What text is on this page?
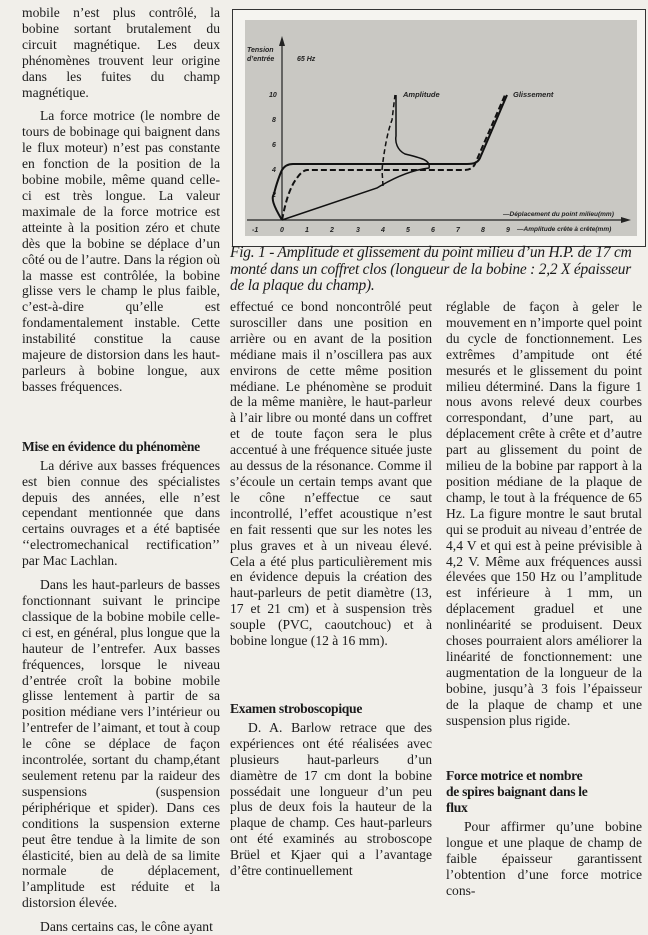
mobile n’est plus contrôlé, la bobine sortant brutalement du circuit magnétique. Les deux phénomènes trouvent leur origine dans les fuites du champ magnétique.

La force motrice (le nombre de tours de bobinage qui baignent dans le flux moteur) n’est pas constante en fonction de la position de la bobine mobile, même quand celle-ci est très longue. La valeur maximale de la force motrice est atteinte à la position zéro et chute dès que la bobine se déplace d’un côté ou de l’autre. Dans la région où la masse est contrôlée, la bobine glisse vers le champ le plus faible, c’est-à-dire qu’elle est fondamentalement instable. Cette instabilité constitue la cause majeure de distorsion dans les haut-parleurs à bobine longue, aux basses fréquences.

Mise en évidence du phénomène

La dérive aux basses fréquences est bien connue des spécialistes depuis des années, elle n’est cependant mentionnée que dans certains ouvrages et a été baptisée ‘‘electromechanical rectification’’ par Mac Lachlan.

Dans les haut-parleurs de basses fonctionnant suivant le principe classique de la bobine mobile celle-ci est, en général, plus longue que la hauteur de l’entrefer. Aux basses fréquences, lorsque le niveau d’entrée croît la bobine mobile glisse lentement à partir de sa position médiane vers l’intérieur ou l’entrefer de l’aimant, et tout à coup le cône se déplace de façon incontrolée, sortant du champ,étant seulement retenu par la raideur des suspensions (suspension périphérique et spider). Dans ces conditions la suspension externe peut être tendue à la limite de son élasticité, bien au delà de sa limite normale de déplacement, l’amplitude est réduite et la distorsion élevée.

Dans certains cas, le cône ayant

Tension
d’entrée	65 Hz
2
4
6
8
10
-1	0	1	2	3	4	5	6	7	8	9
Amplitude	Glissement
—Déplacement du point milieu(mm)
—Amplitude crête à crête(mm)
Fig. 1 - Amplitude et glissement du point milieu d’un H.P. de 17 cm monté dans un coffret clos (longueur de la bobine : 2,2 X épaisseur de la plaque du champ).

effectué ce bond noncontrôlé peut surosciller dans une position en arrière ou en avant de la position médiane mais il n’oscillera pas aux environs de cette même position médiane. Le phénomène se produit de la même manière, le haut-parleur à l’air libre ou monté dans un coffret et de toute façon sera le plus accentué à une fréquence située juste au dessus de la résonance. Comme il s’écoule un certain temps avant que le cône n’effectue ce saut incontrollé, l’effet acoustique n’est en fait ressenti que sur les notes les plus graves et à un niveau élevé. Cela a été plus particulièrement mis en évidence depuis la création des haut-parleurs de petit diamètre (13, 17 et 21 cm) et à suspension très souple (PVC, caoutchouc) et à bobine longue (12 à 16 mm).

Examen stroboscopique

D. A. Barlow retrace que des expériences ont été réalisées avec plusieurs haut-parleurs d’un diamètre de 17 cm dont la bobine possédait une longueur d’un peu plus de deux fois la hauteur de la plaque de champ. Ces haut-parleurs ont été examinés au stroboscope Brüel et Kjaer qui a l’avantage d’être continuellement

réglable de façon à geler le mouvement en n’importe quel point du cycle de fonctionnement. Les extrêmes d’ampitude ont été mesurés et le glissement du point milieu déterminé. Dans la figure 1 nous avons relevé deux courbes correspondant, d’une part, au déplacement crête à crête et d’autre part au glissement du point de milieu de la bobine par rapport à la position médiane de la plaque de champ, le tout à la fréquence de 65 Hz. La figure montre le saut brutal qui se produit au niveau d’entrée de 4,4 V et qui est à peine prévisible à 4,2 V. Même aux fréquences aussi élevées que 150 Hz ou l’amplitude est inférieure à 1 mm, un déplacement graduel et une nonlinéarité se produisent. Deux choses pourraient alors améliorer la linéarité de fonctionnement: une augmentation de la longueur de la bobine, jusqu’à 3 fois l’épaisseur de la plaque de champ et une suspension plus rigide.

Force motrice et nombre de spires baignant dans le flux

Pour affirmer qu’une bobine longue et une plaque de champ de faible épaisseur garantissent l’obtention d’une force motrice cons-
